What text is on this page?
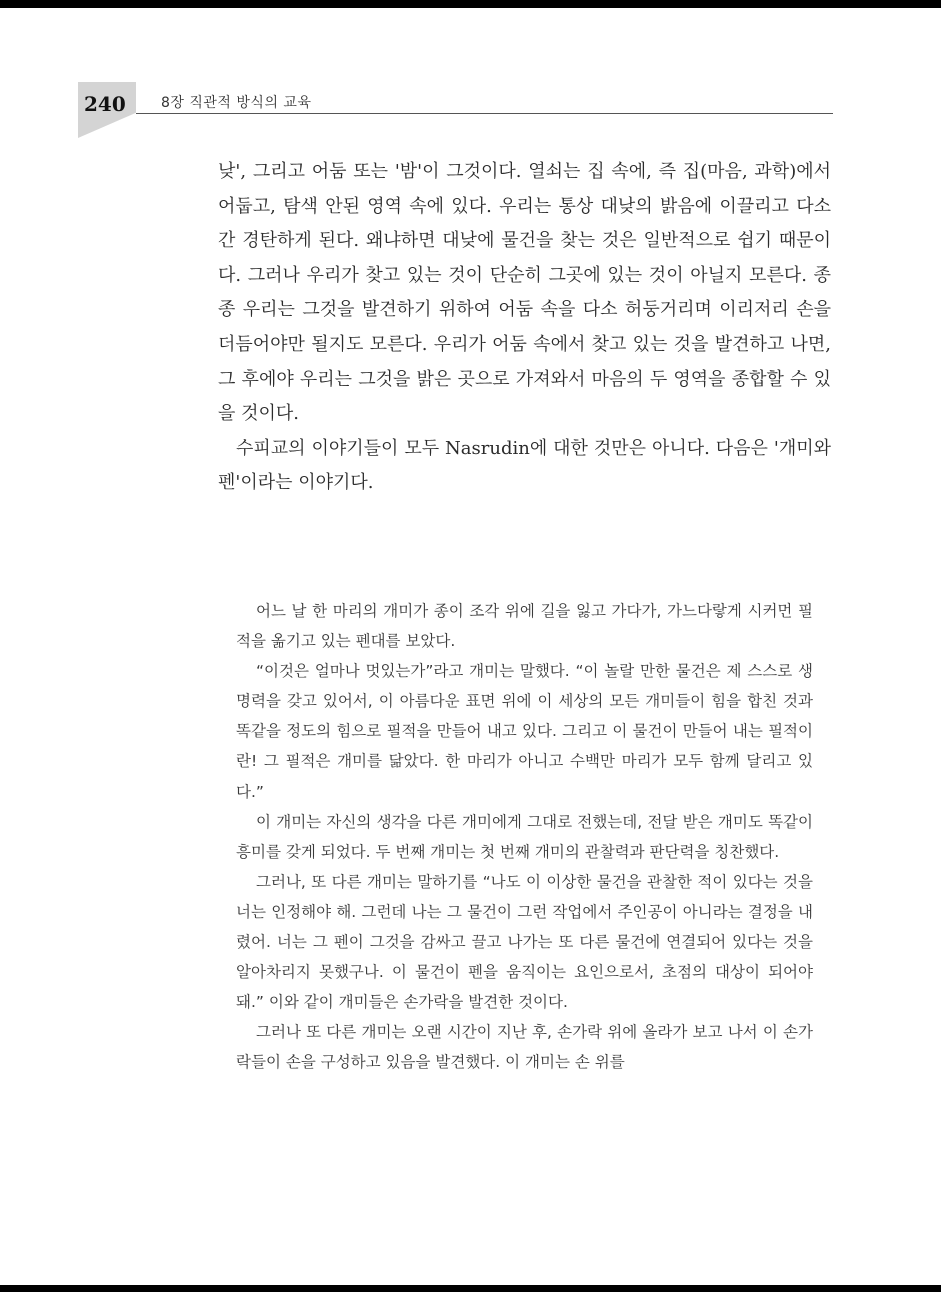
240	8장 직관적 방식의 교육

낮', 그리고 어둠 또는 '밤'이 그것이다. 열쇠는 집 속에, 즉 집(마음, 과학)에서 어둡고, 탐색 안된 영역 속에 있다. 우리는 통상 대낮의 밝음에 이끌리고 다소간 경탄하게 된다. 왜냐하면 대낮에 물건을 찾는 것은 일반적으로 쉽기 때문이다. 그러나 우리가 찾고 있는 것이 단순히 그곳에 있는 것이 아닐지 모른다. 종종 우리는 그것을 발견하기 위하여 어둠 속을 다소 허둥거리며 이리저리 손을 더듬어야만 될지도 모른다. 우리가 어둠 속에서 찾고 있는 것을 발견하고 나면, 그 후에야 우리는 그것을 밝은 곳으로 가져와서 마음의 두 영역을 종합할 수 있을 것이다.

수피교의 이야기들이 모두 Nasrudin에 대한 것만은 아니다. 다음은 '개미와 펜'이라는 이야기다.

어느 날 한 마리의 개미가 종이 조각 위에 길을 잃고 가다가, 가느다랗게 시커먼 필적을 옮기고 있는 펜대를 보았다.

“이것은 얼마나 멋있는가”라고 개미는 말했다. “이 놀랄 만한 물건은 제 스스로 생명력을 갖고 있어서, 이 아름다운 표면 위에 이 세상의 모든 개미들이 힘을 합친 것과 똑같을 정도의 힘으로 필적을 만들어 내고 있다. 그리고 이 물건이 만들어 내는 필적이란! 그 필적은 개미를 닮았다. 한 마리가 아니고 수백만 마리가 모두 함께 달리고 있다.”

이 개미는 자신의 생각을 다른 개미에게 그대로 전했는데, 전달 받은 개미도 똑같이 흥미를 갖게 되었다. 두 번째 개미는 첫 번째 개미의 관찰력과 판단력을 칭찬했다.

그러나, 또 다른 개미는 말하기를 “나도 이 이상한 물건을 관찰한 적이 있다는 것을 너는 인정해야 해. 그런데 나는 그 물건이 그런 작업에서 주인공이 아니라는 결정을 내렸어. 너는 그 펜이 그것을 감싸고 끌고 나가는 또 다른 물건에 연결되어 있다는 것을 알아차리지 못했구나. 이 물건이 펜을 움직이는 요인으로서, 초점의 대상이 되어야 돼.” 이와 같이 개미들은 손가락을 발견한 것이다.

그러나 또 다른 개미는 오랜 시간이 지난 후, 손가락 위에 올라가 보고 나서 이 손가락들이 손을 구성하고 있음을 발견했다. 이 개미는 손 위를
